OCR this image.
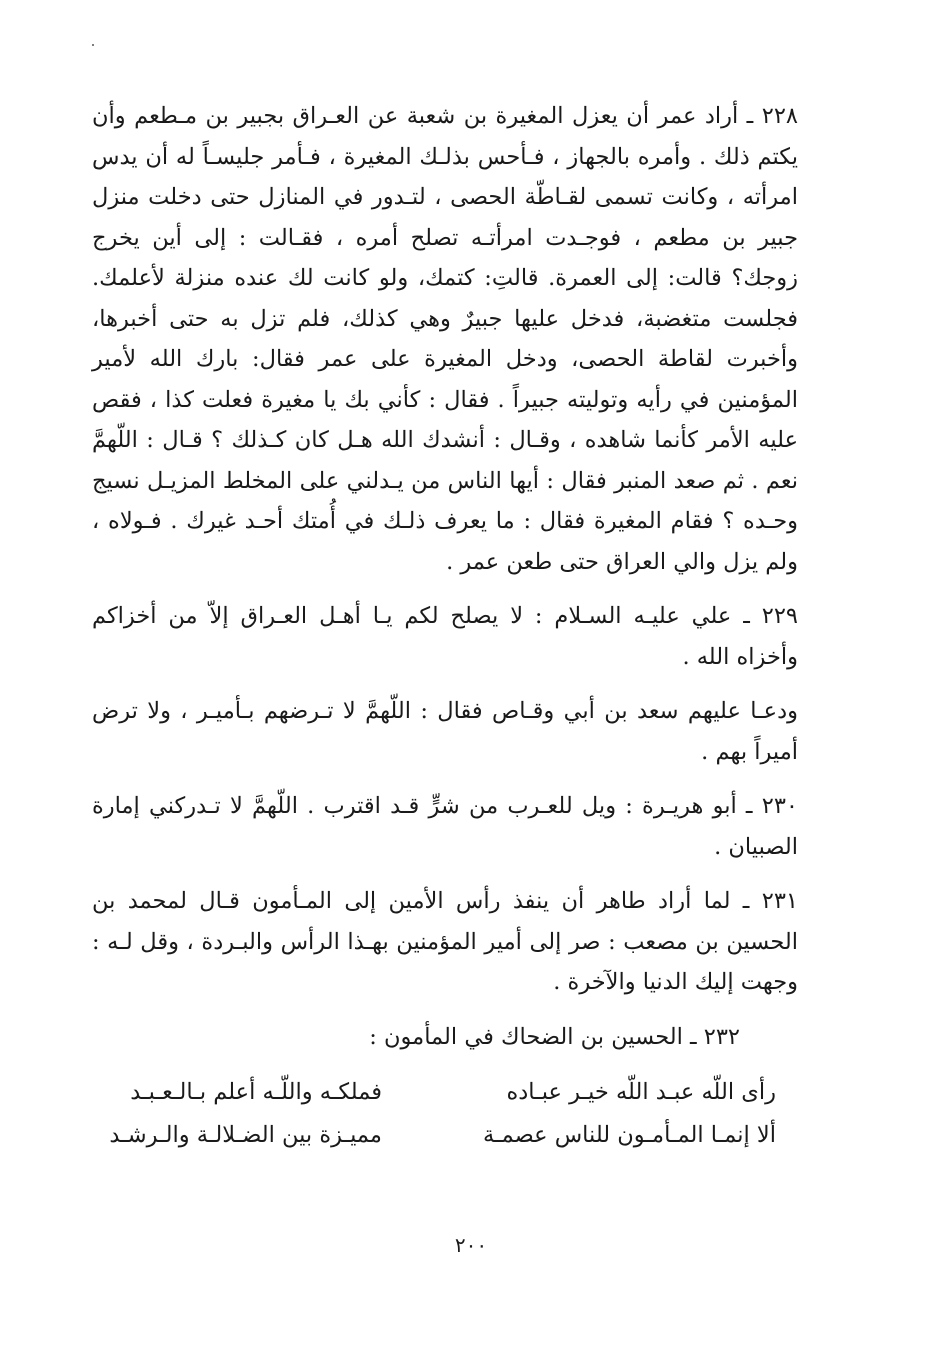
٢٢٨ ـ أراد عمر أن يعزل المغيرة بن شعبة عن العـراق بجبير بن مـطعم وأن يكتم ذلك . وأمره بالجهاز ، فـأحس بذلـك المغيرة ، فـأمر جليسـاً له أن يدس امرأته ، وكانت تسمى لقـاطّة الحصى ، لتـدور في المنازل حتى دخلت منزل جبير بن مطعم ، فوجـدت امرأتـه تصلح أمره ، فقـالت : إلى أين يخرج زوجك؟ قالت: إلى العمرة. قالتِ: كتمك، ولو كانت لك عنده منزلة لأعلمك. فجلست متغضبة، فدخل عليها جبيرٌ وهي كذلك، فلم تزل به حتى أخبرها، وأخبرت لقاطة الحصى، ودخل المغيرة على عمر فقال: بارك الله لأمير المؤمنين في رأيه وتوليته جبيراً . فقال : كأني بك يا مغيرة فعلت كذا ، فقص عليه الأمر كأنما شاهده ، وقـال : أنشدك الله هـل كان كـذلك ؟ قـال : اللّهمَّ نعم . ثم صعد المنبر فقال : أيها الناس من يـدلني على المخلط المزيـل نسيج وحـده ؟ فقام المغيرة فقال : ما يعرف ذلـك في أُمتك أحـد غيرك . فـولاه ، ولم يزل والي العراق حتى طعن عمر .

٢٢٩ ـ علي عليـه السـلام : لا يصلح لكم يـا أهـل العـراق إلاّ من أخزاكم وأخزاه الله .

ودعـا عليهم سعد بن أبي وقـاص فقال : اللّهمَّ لا تـرضهم بـأميـر ، ولا ترض أميراً بهم .

٢٣٠ ـ أبو هريـرة : ويل للعـرب من شرٍّ قـد اقترب . اللّهمَّ لا تـدركني إمارة الصبيان .

٢٣١ ـ لما أراد طاهر أن ينفذ رأس الأمين إلى المـأمون قـال لمحمد بن الحسين بن مصعب : صر إلى أمير المؤمنين بهـذا الرأس والبـردة ، وقل لـه : وجهت إليك الدنيا والآخرة .

٢٣٢ ـ الحسين بن الضحاك في المأمون :

رأى اللّه عبـد اللّه خيـر عبـاده
فملكـه واللّـه أعلم بـالـعـبـد
ألا إنمـا المـأمـون للناس عصمـة
مميـزة بين الضـلالـة والـرشـد
٢٠٠
